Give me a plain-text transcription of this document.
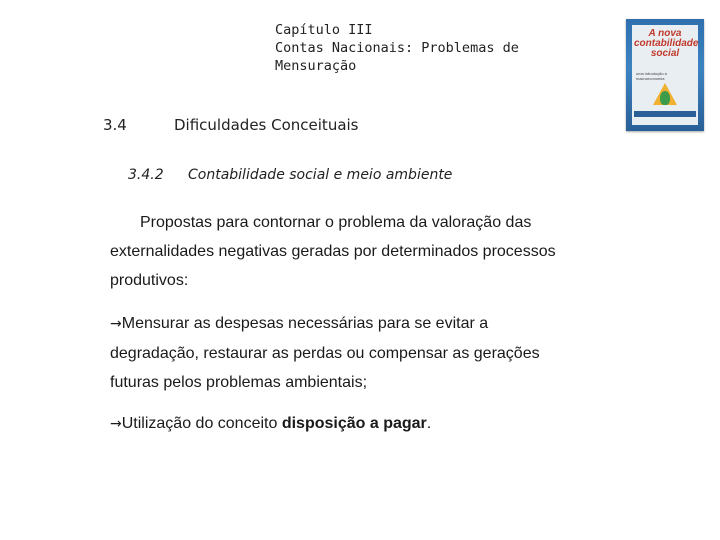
Capítulo III
Contas Nacionais: Problemas de
Mensuração
A nova
contabilidade
social
uma introdução à macroeconomia
3.4	Dificuldades Conceituais
3.4.2 Contabilidade social e meio ambiente
Propostas para contornar o problema da valoração das
externalidades negativas geradas por determinados processos
produtivos:
→Mensurar as despesas necessárias para se evitar a
degradação, restaurar as perdas ou compensar as gerações
futuras pelos problemas ambientais;
→Utilização do conceito disposição a pagar.
